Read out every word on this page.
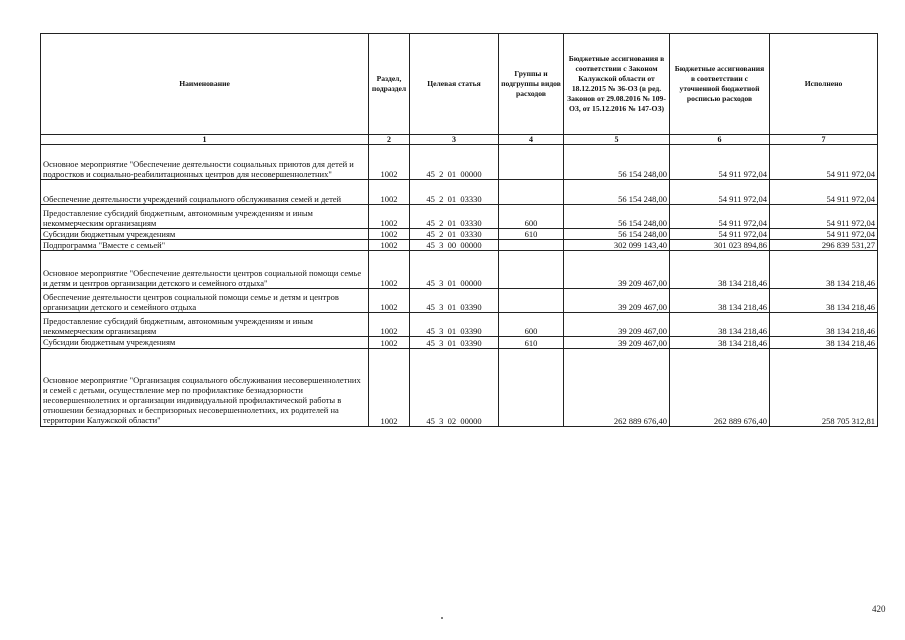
Наименование	Раздел, подраздел	Целевая статья	Группы и подгруппы видов расходов	Бюджетные ассигнования в соответствии с Законом Калужской области от 18.12.2015 № 36-ОЗ (в ред. Законов от 29.08.2016 № 109-ОЗ, от 15.12.2016 № 147-ОЗ)	Бюджетные ассигнования в соответствии с уточненной бюджетной росписью расходов	Исполнено
1	2	3	4	5	6	7
Основное мероприятие "Обеспечение деятельности социальных приютов для детей и подростков и социально-реабилитационных центров для несовершеннолетних"	1002	45  2  01  00000		56 154 248,00	54 911 972,04	54 911 972,04
Обеспечение деятельности учреждений социального обслуживания семей и детей	1002	45  2  01  03330		56 154 248,00	54 911 972,04	54 911 972,04
Предоставление субсидий бюджетным, автономным учреждениям и иным некоммерческим организациям	1002	45  2  01  03330	600	56 154 248,00	54 911 972,04	54 911 972,04
Субсидии бюджетным учреждениям	1002	45  2  01  03330	610	56 154 248,00	54 911 972,04	54 911 972,04
Подпрограмма "Вместе с семьей"	1002	45  3  00  00000		302 099 143,40	301 023 894,86	296 839 531,27
Основное мероприятие "Обеспечение деятельности центров социальной помощи семье и детям и центров организации детского и семейного отдыха"	1002	45  3  01  00000		39 209 467,00	38 134 218,46	38 134 218,46
Обеспечение деятельности центров социальной помощи семье и детям и центров организации детского и семейного отдыха	1002	45  3  01  03390		39 209 467,00	38 134 218,46	38 134 218,46
Предоставление субсидий бюджетным, автономным учреждениям и иным некоммерческим организациям	1002	45  3  01  03390	600	39 209 467,00	38 134 218,46	38 134 218,46
Субсидии бюджетным учреждениям	1002	45  3  01  03390	610	39 209 467,00	38 134 218,46	38 134 218,46
Основное мероприятие "Организация социального обслуживания несовершеннолетних и семей с детьми, осуществление мер по профилактике безнадзорности несовершеннолетних и организации индивидуальной профилактической работы в отношении безнадзорных и беспризорных несовершеннолетних, их родителей на территории Калужской области"	1002	45  3  02  00000		262 889 676,40	262 889 676,40	258 705 312,81
420
